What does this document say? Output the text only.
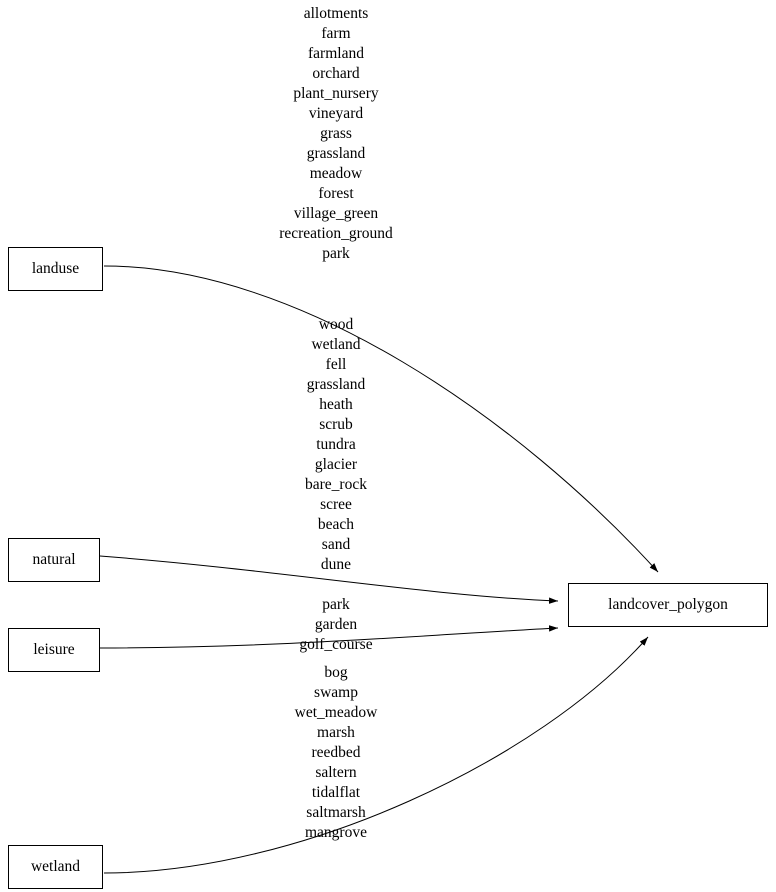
landuse
natural
leisure
wetland
landcover_polygon
allotments
farm
farmland
orchard
plant_nursery
vineyard
grass
grassland
meadow
forest
village_green
recreation_ground
park
wood
wetland
fell
grassland
heath
scrub
tundra
glacier
bare_rock
scree
beach
sand
dune
park
garden
golf_course
bog
swamp
wet_meadow
marsh
reedbed
saltern
tidalflat
saltmarsh
mangrove
